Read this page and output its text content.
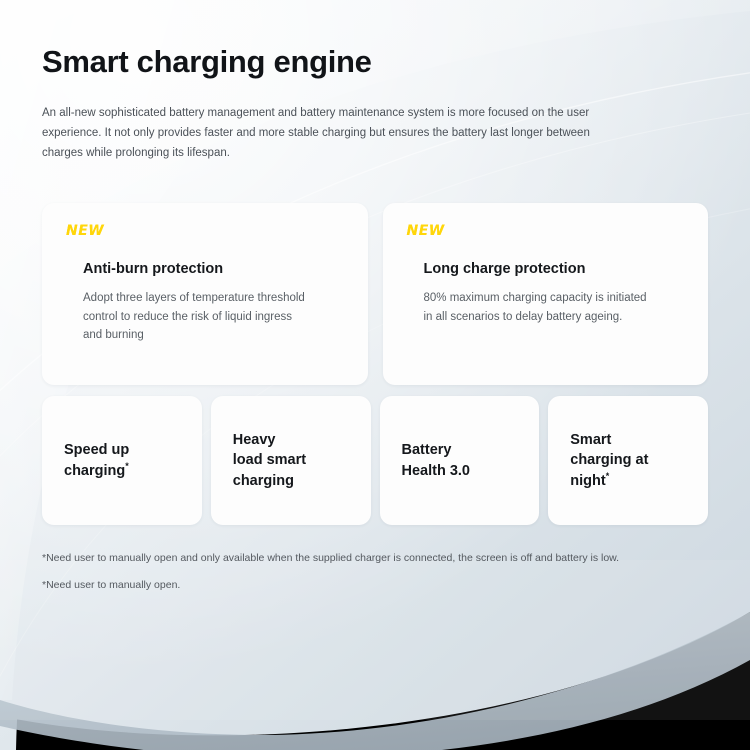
Smart charging engine

An all-new sophisticated battery management and battery maintenance system is more focused on the user experience. It not only provides faster and more stable charging but ensures the battery last longer between charges while prolonging its lifespan.

NEW
Anti-burn protection

Adopt three layers of temperature threshold control to reduce the risk of liquid ingress and burning

NEW
Long charge protection

80% maximum charging capacity is initiated in all scenarios to delay battery ageing.

Speed up
charging*
Heavy
load smart
charging
Battery
Health 3.0
Smart
charging at
night*

*Need user to manually open and only available when the supplied charger is connected, the screen is off and battery is low.

*Need user to manually open.
